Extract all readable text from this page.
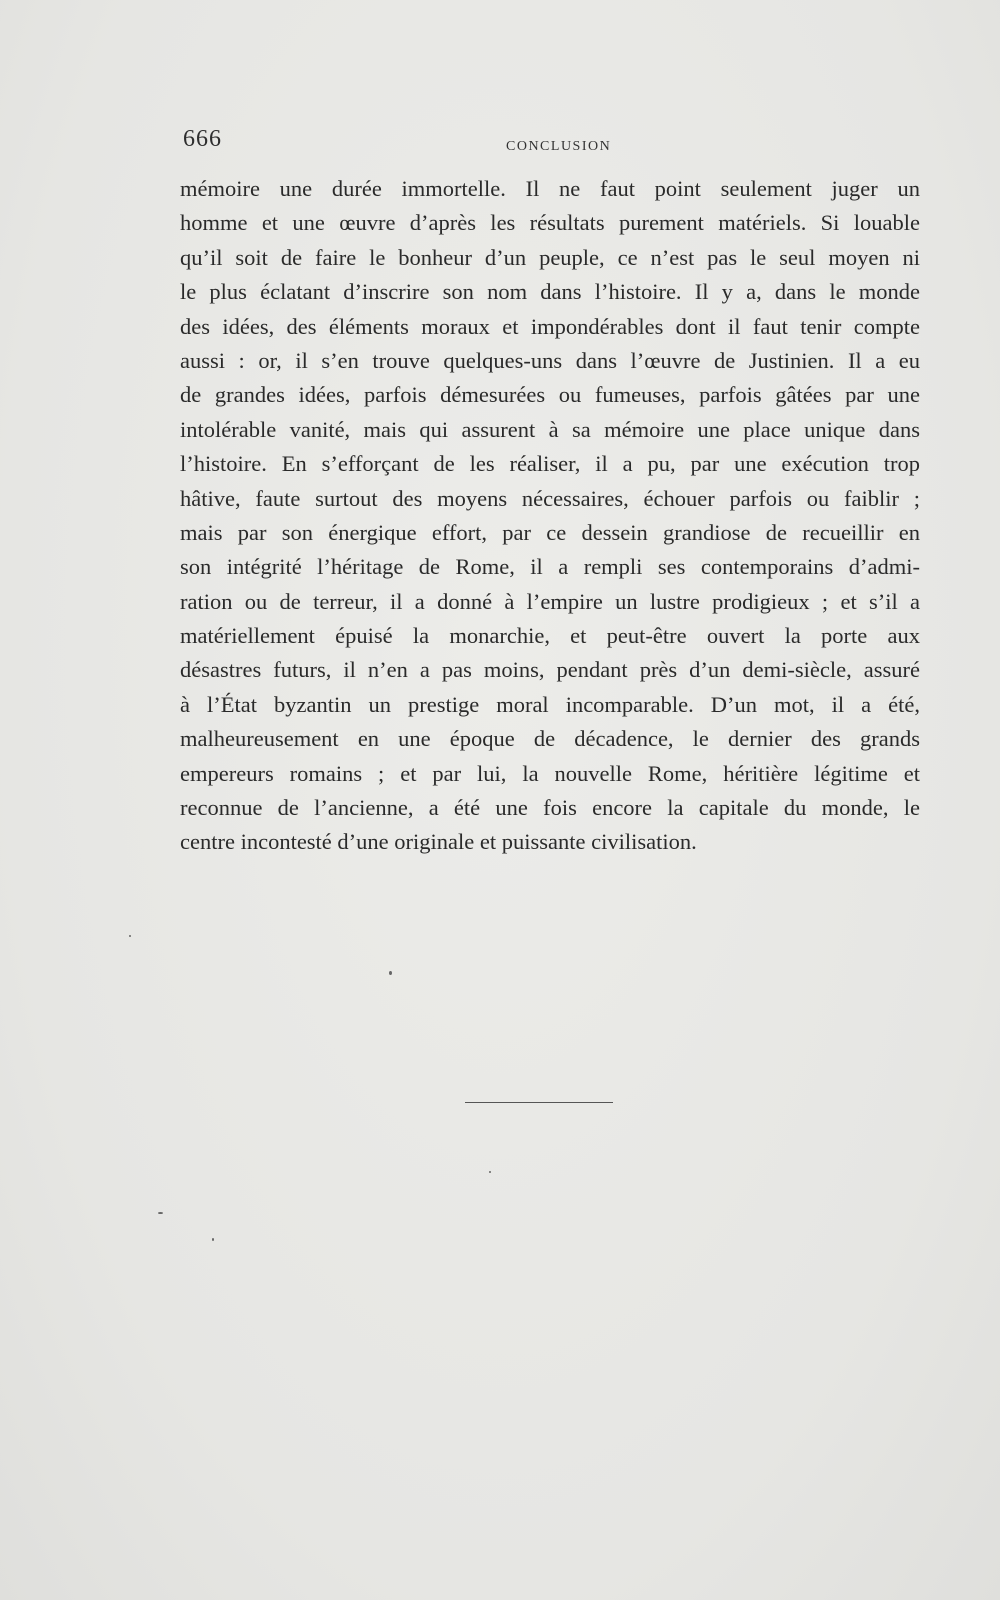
666	CONCLUSION
mémoire une durée immortelle. Il ne faut point seulement juger un
homme et une œuvre d’après les résultats purement matériels. Si louable
qu’il soit de faire le bonheur d’un peuple, ce n’est pas le seul moyen ni
le plus éclatant d’inscrire son nom dans l’histoire. Il y a, dans le monde
des idées, des éléments moraux et impondérables dont il faut tenir compte
aussi : or, il s’en trouve quelques-uns dans l’œuvre de Justinien. Il a eu
de grandes idées, parfois démesurées ou fumeuses, parfois gâtées par une
intolérable vanité, mais qui assurent à sa mémoire une place unique dans
l’histoire. En s’efforçant de les réaliser, il a pu, par une exécution trop
hâtive, faute surtout des moyens nécessaires, échouer parfois ou faiblir ;
mais par son énergique effort, par ce dessein grandiose de recueillir en
son intégrité l’héritage de Rome, il a rempli ses contemporains d’admi-
ration ou de terreur, il a donné à l’empire un lustre prodigieux ; et s’il a
matériellement épuisé la monarchie, et peut-être ouvert la porte aux
désastres futurs, il n’en a pas moins, pendant près d’un demi-siècle, assuré
à l’État byzantin un prestige moral incomparable. D’un mot, il a été,
malheureusement en une époque de décadence, le dernier des grands
empereurs romains ; et par lui, la nouvelle Rome, héritière légitime et
reconnue de l’ancienne, a été une fois encore la capitale du monde, le
centre incontesté d’une originale et puissante civilisation.
